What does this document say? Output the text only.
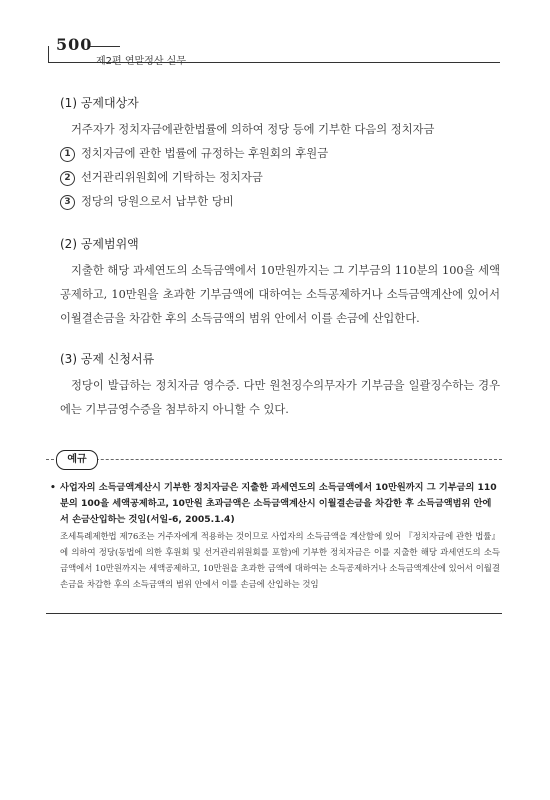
500
제2편 연말정산 실무
(1) 공제대상자
거주자가 정치자금에관한법률에 의하여 정당 등에 기부한 다음의 정치자금
1 정치자금에 관한 법률에 규정하는 후원회의 후원금
2 선거관리위원회에 기탁하는 정치자금
3 정당의 당원으로서 납부한 당비
(2) 공제범위액
지출한 해당 과세연도의 소득금액에서 10만원까지는 그 기부금의 110분의 100을 세액공제하고, 10만원을 초과한 기부금액에 대하여는 소득공제하거나 소득금액계산에 있어서 이월결손금을 차감한 후의 소득금액의 범위 안에서 이를 손금에 산입한다.
(3) 공제 신청서류
정당이 발급하는 정치자금 영수증. 다만 원천징수의무자가 기부금을 일괄징수하는 경우에는 기부금영수증을 첨부하지 아니할 수 있다.
예규
• 사업자의 소득금액계산시 기부한 정치자금은 지출한 과세연도의 소득금액에서 10만원까지 그 기부금의 110분의 100을 세액공제하고, 10만원 초과금액은 소득금액계산시 이월결손금을 차감한 후 소득금액범위 안에서 손금산입하는 것임(서일-6, 2005.1.4)
조세특례제한법 제76조는 거주자에게 적용하는 것이므로 사업자의 소득금액을 계산함에 있어 『정치자금에 관한 법률』에 의하여 정당(동법에 의한 후원회 및 선거관리위원회를 포함)에 기부한 정치자금은 이를 지출한 해당 과세연도의 소득금액에서 10만원까지는 세액공제하고, 10만원을 초과한 금액에 대하여는 소득공제하거나 소득금액계산에 있어서 이월결손금을 차감한 후의 소득금액의 범위 안에서 이를 손금에 산입하는 것임
